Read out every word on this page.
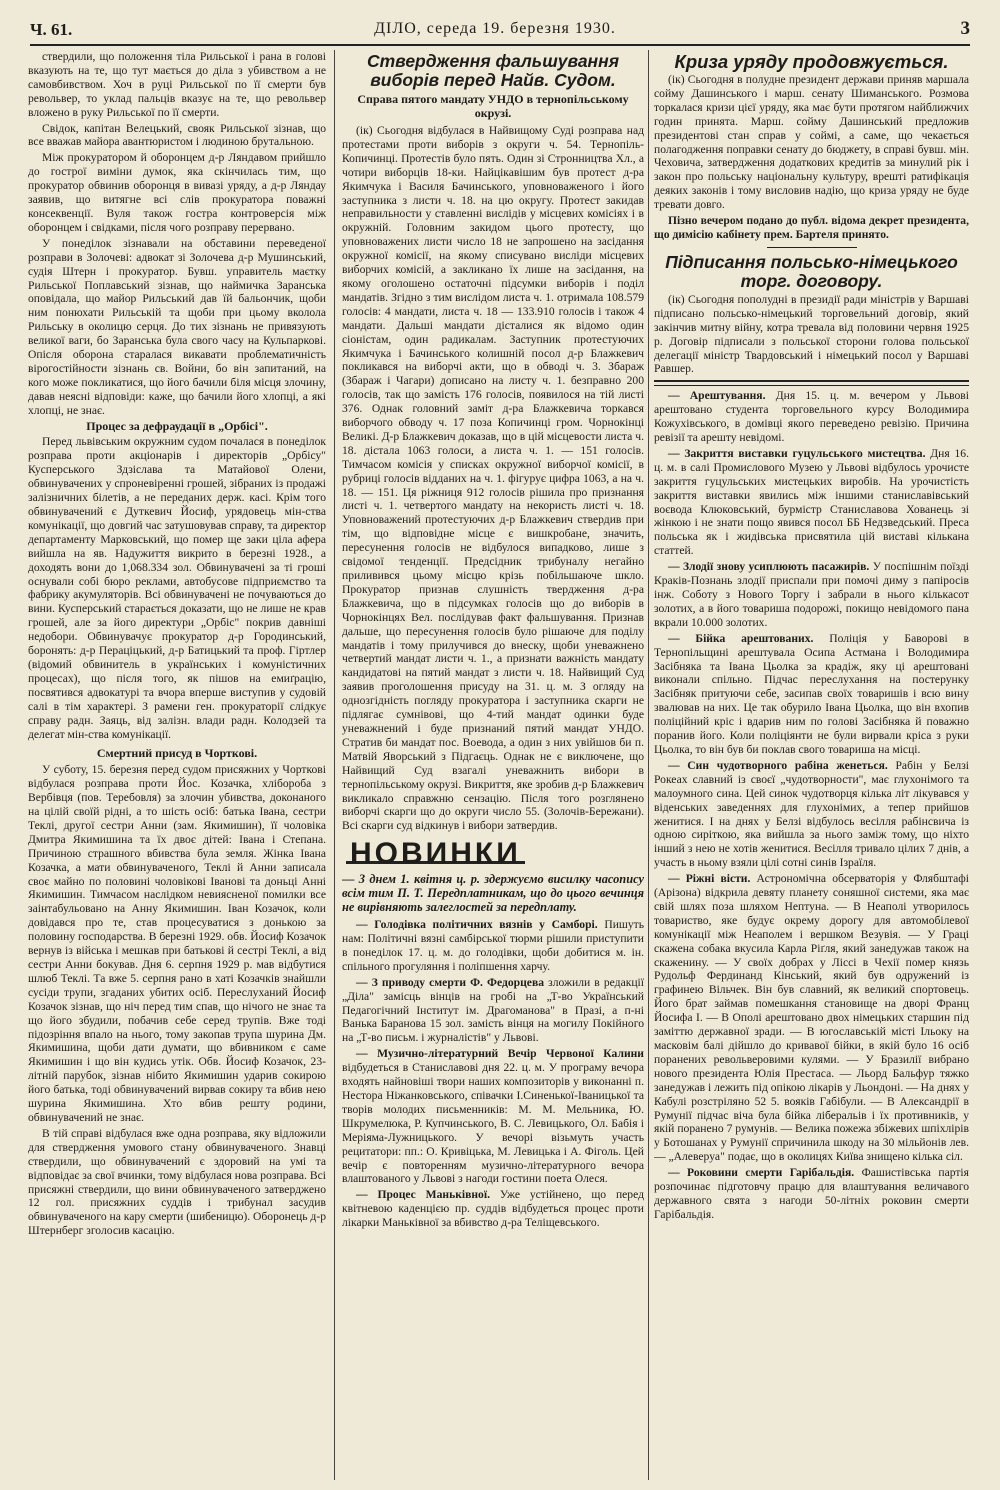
Ч. 61.	ДІЛО, середа 19. березня 1930.	3

ствердили, що положення тіла Рильської і рана в голові вказують на те, що тут мається до діла з убивством а не самовбивством. Хоч в руці Рильської по її смерти був револьвер, то уклад пальців вказує на те, що револьвер вложено в руку Рильської по її смерти.

Свідок, капітан Велецький, свояк Рильської зізнав, що все вважав майора авантюристом і людиною брутальною.

Між прокуратором й оборонцем д-р Ляндавом прийшло до гострої виміни думок, яка скінчилась тим, що прокуратор обвинив оборонця в вивазі уряду, а д-р Ляндау заявив, що витягне всі слів прокуратора поважні консеквенції. Вуля також гостра контроверсія між оборонцем і свідками, після чого розправу перервано.

У понеділок зізнавали на обставини переведеної розправи в Золочеві: адвокат зі Золочева д-р Мушинський, судія Штерн і прокуратор. Бувш. управитель маєтку Рильської Поплавський зізнав, що наймичка Заранська оповідала, що майор Рильський дав їй бальончик, щоби ним понюхати Рильській та щоби при цьому вколола Рильську в околицю серця. До тих зізнань не привязують великої ваги, бо Заранська була свого часу на Кульпаркові. Опісля оборона старалася викавати проблематичність вірогостійности зізнань св. Войни, бо він запитаний, на кого може покликатися, що його бачили біля місця злочину, давав неясні відповіди: каже, що бачили його хлопці, а які хлопці, не знає.

Процес за дефраудації в „Орбісі".

Перед львівським окружним судом почалася в понеділок розправа проти акціонарів і директорів „Орбісу" Кусперського Здзіслава та Матайової Олени, обвинувачених у спроневіренні грошей, зібраних із продажі залізничних білетів, а не переданих держ. касі. Крім того обвинувачений є Дуткевич Йосиф, урядовець мін-ства комунікації, що довгий час затушовував справу, та директор департаменту Марковський, що помер ще заки ціла афера вийшла на яв. Надужиття викрито в березні 1928., а доходять вони до 1,068.334 зол. Обвинувачені за ті гроші оснували собі бюро реклами, автобусове підприємство та фабрику акумуляторів. Всі обвинувачені не почуваються до вини. Кусперський старається доказати, що не лише не крав грошей, але за його директури „Орбіс" покрив давніші недобори. Обвинувачує прокуратор д-р Городинський, боронять: д-р Пераціцький, д-р Батицький та проф. Гіртлер (відомий обвинитель в українських і комуністичних процесах), що після того, як пішов на емиґрацію, посвятився адвокатурі та вчора вперше виступив у судовій салі в тім характері. З рамени ген. прокураторії слідкує справу радн. Заяць, від залізн. влади радн. Колодзей та делегат мін-ства комунікації.

Смертний присуд в Чорткові.

У суботу, 15. березня перед судом присяжних у Чорткові відбулася розправа проти Йос. Козачка, хлібороба з Вербівця (пов. Теребовля) за злочин убивства, доконаного на цілій своїй рідні, а то шість осіб: батька Івана, сестри Теклі, другої сестри Анни (зам. Якимишин), її чоловіка Дмитра Якимишина та їх двоє дітей: Івана і Степана. Причиною страшного вбивства була земля. Жінка Івана Козачка, а мати обвинуваченого, Теклі й Анни записала своє майно по половині чоловікові Іванові та доньці Анні Якимишин. Тимчасом наслідком невиясненої помилки все заінтабульовано на Анну Якимишин. Іван Козачок, коли довідався про те, став процесуватися з донькою за половину господарства. В березні 1929. обв. Йосиф Козачок вернув із війська і мешкав при батькові й сестрі Теклі, а від сестри Анни бокував. Дня 6. серпня 1929 р. мав відбутися шлюб Теклі. Та вже 5. серпня рано в хаті Козачків знайшли сусіди трупи, згаданих убитих осіб. Переслуханий Йосиф Козачок зізнав, що ніч перед тим спав, що нічого не знає та що його збудили, побачив себе серед трупів. Вже тоді підозріння впало на нього, тому закопав трупа шурина Дм. Якимишина, щоби дати думати, що вбивником є саме Якимишин і що він кудись утік. Обв. Йосиф Козачок, 23-літній парубок, зізнав нібито Якимишин ударив сокирою його батька, тоді обвинувачений вирвав сокиру та вбив нею шурина Якимишина. Хто вбив решту родини, обвинувачений не знає.

В тій справі відбулася вже одна розправа, яку відложили для ствердження умового стану обвинуваченого. Знавці ствердили, що обвинувачений є здоровий на умі та відповідає за свої вчинки, тому відбулася нова розправа. Всі присяжні ствердили, що вини обвинуваченого затверджено 12 гол. присяжних суддів і трибунал засудив обвинуваченого на кару смерти (шибеницю). Оборонець д-р Штернберг зголосив касацію.

Ствердження фальшування виборів перед Найв. Судом.
Справа пятого мандату УНДО в тернопільському окрузі.

(ік) Сьогодня відбулася в Найвищому Суді розправа над протестами проти виборів з округи ч. 54. Тернопіль-Копичинці. Протестів було пять. Один зі Стронництва Хл., а чотири виборців 18-ки. Найцікавішим був протест д-ра Якимчука і Василя Бачинського, уповноваженого і його заступника з листи ч. 18. на цю округу. Протест закидав неправильности у ставленні вислідів у місцевих комісіях і в окружній. Головним закидом цього протесту, що уповноважених листи число 18 не запрошено на засідання окружної комісії, на якому списувано висліди місцевих виборчих комісій, а закликано їх лише на засідання, на якому оголошено остаточні підсумки виборів і поділ мандатів. Згідно з тим вислідом листа ч. 1. отримала 108.579 голосів: 4 мандати, листа ч. 18 — 133.910 голосів і також 4 мандати. Дальші мандати дісталися як відомо один сіоністам, один радикалам. Заступник протестуючих Якимчука і Бачинського колишній посол д-р Блажкевич покликався на виборчі акти, що в обводі ч. 3. Збараж (Збараж і Чагари) дописано на листу ч. 1. безправно 200 голосів, так що замість 176 голосів, появилося на тій листі 376. Однак головний заміт д-ра Блажкевича торкався виборчого обводу ч. 17 поза Копичинці гром. Чорнокінці Великі. Д-р Блажкевич доказав, що в цій місцевости листа ч. 18. дістала 1063 голоси, а листа ч. 1. — 151 голосів. Тимчасом комісія у списках окружної виборчої комісії, в рубриці голосів відданих на ч. 1. фігурує цифра 1063, а на ч. 18. — 151. Ця ріжниця 912 голосів рішила про признання листі ч. 1. четвертого мандату на некористь листі ч. 18. Уповноважений протестуючих д-р Блажкевич ствердив при тім, що відповідне місце є вишкробане, значить, пересунення голосів не відбулося випадково, лише з свідомої тенденції. Предсідник трибуналу негайно приливився цьому місцю крізь побільшаюче шкло. Прокуратор признав слушність твердження д-ра Блажкевича, що в підсумках голосів що до виборів в Чорнокінцях Вел. послідував факт фальшування. Признав дальше, що пересунення голосів було рішаюче для поділу мандатів і тому прилучився до внеску, щоби уневажнено четвертий мандат листи ч. 1., а признати важність мандату кандидатові на пятий мандат з листи ч. 18. Найвищий Суд заявив проголошення присуду на 31. ц. м. З огляду на однозгідність погляду прокуратора і заступника скарги не підлягає сумнівові, що 4-тий мандат одинки буде уневажнений і буде признаний пятий мандат УНДО. Стратив би мандат пос. Воевода, а один з них увійшов би п. Матвій Яворський з Підгаєць. Однак не є виключене, що Найвищий Суд взагалі уневажнить вибори в тернопільському окрузі. Викриття, яке зробив д-р Блажкевич викликало справжню сензацію. Після того розглянено виборчі скарги що до округи число 55. (Золочів-Бережани). Всі скарги суд відкинув і вибори затвердив.

НОВИНКИ
— З днем 1. квітня ц. р. здержуємо висилку часопису всім тим П. Т. Передплатникам, що до цього вечинця не вирівняють залеглостей за передплату.

— Голодівка політичних вязнів у Самборі. Пишуть нам: Політичні вязні самбірської тюрми рішили приступити в понеділок 17. ц. м. до голодівки, щоби добитися м. ін. спільного прогуляння і поліпшення харчу.

— З приводу смерти Ф. Федорцева зложили в редакції „Діла" замісць вінців на гробі на „Т-во Український Педагогічний Інститут ім. Драгоманова" в Празі, а п-ні Ванька Баранова 15 зол. замість вінця на могилу Покійного на „Т-во письм. і журналістів" у Львові.

— Музично-літературний Вечір Червоної Калини відбудеться в Станиславові дня 22. ц. м. У програму вечора входять найновіші твори наших композиторів у виконанні п. Нестора Ніжанковського, співачки І.Синенької-Іваницької та творів молодих письменників: М. М. Мельника, Ю. Шкрумелюка, Р. Купчинського, В. С. Левицького, Ол. Бабія і Меріяма-Лужницького. У вечорі візьмуть участь рецитатори: пп.: О. Кривіцька, М. Левицька і А. Фіголь. Цей вечір є повторенням музично-літературного вечора влаштованого у Львові з нагоди гостини поета Олеся.

— Процес Маньківної. Уже устійнено, що перед квітневою каденцією пр. суддів відбудеться процес проти лікарки Маньківної за вбивство д-ра Теліщевського.

Криза уряду продовжується.

(ік) Сьогодня в полудне президент держави приняв маршала сойму Дашинського і марш. сенату Шиманського. Розмова торкалася кризи цієї уряду, яка має бути протягом найближчих годин принята. Марш. сойму Дашинський предложив президентові стан справ у соймі, а саме, що чекається полагодження поправки сенату до бюджету, в справі бувш. мін. Чеховича, затвердження додаткових кредитів за минулий рік і закон про польську національну культуру, врешті ратифікація деяких законів і тому висловив надію, що криза уряду не буде тревати довго.

Пізно вечером подано до публ. відома декрет президента, що димісію кабінету прем. Бартеля принято.

Підписання польсько-німецького торг. договору.

(ік) Сьогодня пополудні в президії ради міністрів у Варшаві підписано польсько-німецький торговельний договір, який закінчив митну війну, котра тревала від половини червня 1925 р. Договір підписали з польської сторони голова польської делегації міністр Твардовський і німецький посол у Варшаві Равшер.

— Арештування. Дня 15. ц. м. вечером у Львові арештовано студента торговельного курсу Володимира Кожухівського, в домівці якого переведено ревізію. Причина ревізії та арешту невідомі.

— Закриття виставки гуцульського мистецтва. Дня 16. ц. м. в салі Промислового Музею у Львові відбулось урочисте закриття гуцульських мистецьких виробів. На урочистість закриття виставки явились між іншими станиславівський воєвода Клюковський, бурмістр Станиславова Хованець зі жінкою і не знати пощо явився посол ББ Недзведський. Преса польська як і жидівська присвятила цій виставі кількана статтей.

— Злодії знову усиплюють пасажирів. У поспішнім поїзді Краків-Познань злодії приспали при помочі диму з папіросів інж. Соботу з Нового Торгу і забрали в нього кількасот золотих, а в його товариша подорожі, покищо невідомого пана вкрали 10.000 золотих.

— Бійка арештованих. Поліція у Баворові в Тернопільщині арештувала Осипа Астмана і Володимира Засібняка та Івана Цьолка за крадіж, яку ці арештовані виконали спільно. Підчас переслухання на постерунку Засібняк притуючи себе, засипав своїх товаришів і всю вину звалював на них. Це так обурило Івана Цьолка, що він вхопив поліційний кріс і вдарив ним по голові Засібняка й поважно поранив його. Коли поліціянти не були вирвали кріса з руки Цьолка, то він був би поклав свого товариша на місці.

— Син чудотворного рабіна женеться. Рабін у Белзі Рокеах славний із своєї „чудотворности", має глухонімого та малоумного сина. Цей синок чудотворця кілька літ лікувався у віденських заведеннях для глухонімих, а тепер прийшов женитися. І на днях у Белзі відбулось весілля рабінсвича із одною сиріткою, яка вийшла за нього заміж тому, що ніхто інший з нею не хотів женитися. Весілля тривало цілих 7 днів, а участь в ньому взяли цілі сотні синів Ізраїля.

— Ріжні вісти. Астрономічна обсерваторія у Флябштафі (Арізона) відкрила девяту планету соняшної системи, яка має свій шлях поза шляхом Нептуна. — В Неаполі утворилось товариство, яке будує окрему дорогу для автомобілевої комунікації між Неаполем і вершком Везувія. — У Граці скажена собака вкусила Карла Ріґля, який занедужав також на скаженину. — У своїх добрах у Ліссі в Чехії помер князь Рудольф Фердинанд Кінський, який був одружений із графинею Вільчек. Він був славний, як великий спортовець. Його брат займав помешкання становище на дворі Франц Йосифа І. — В Ополі арештовано двох німецьких старшин під заміттю державної зради. — В югославській місті Ільоку на масковім балі дійшло до кривавої бійки, в якій було 16 осіб поранених револьверовими кулями. — У Бразилії вибрано нового президента Юлія Престаса. — Льорд Бальфур тяжко занедужав і лежить під опікою лікарів у Льондоні. — На днях у Кабулі розстріляно 52 5. вояків Габібули. — В Александрії в Румунії підчас віча була бійка ліберальів і їх противників, у якій поранено 7 румунів. — Велика пожежа збіжевих шпіхлірів у Ботошанах у Румунії спричинила шкоду на 30 мільйонів лев. — „Алевеpуа" подає, що в околицях Київа знищено кілька сіл.

— Роковини смерти Гарібальдія. Фашистівська партія розпочинає підготовчу працю для влаштування величавого державного свята з нагоди 50-літніх роковин смерти Гарібальдія.
